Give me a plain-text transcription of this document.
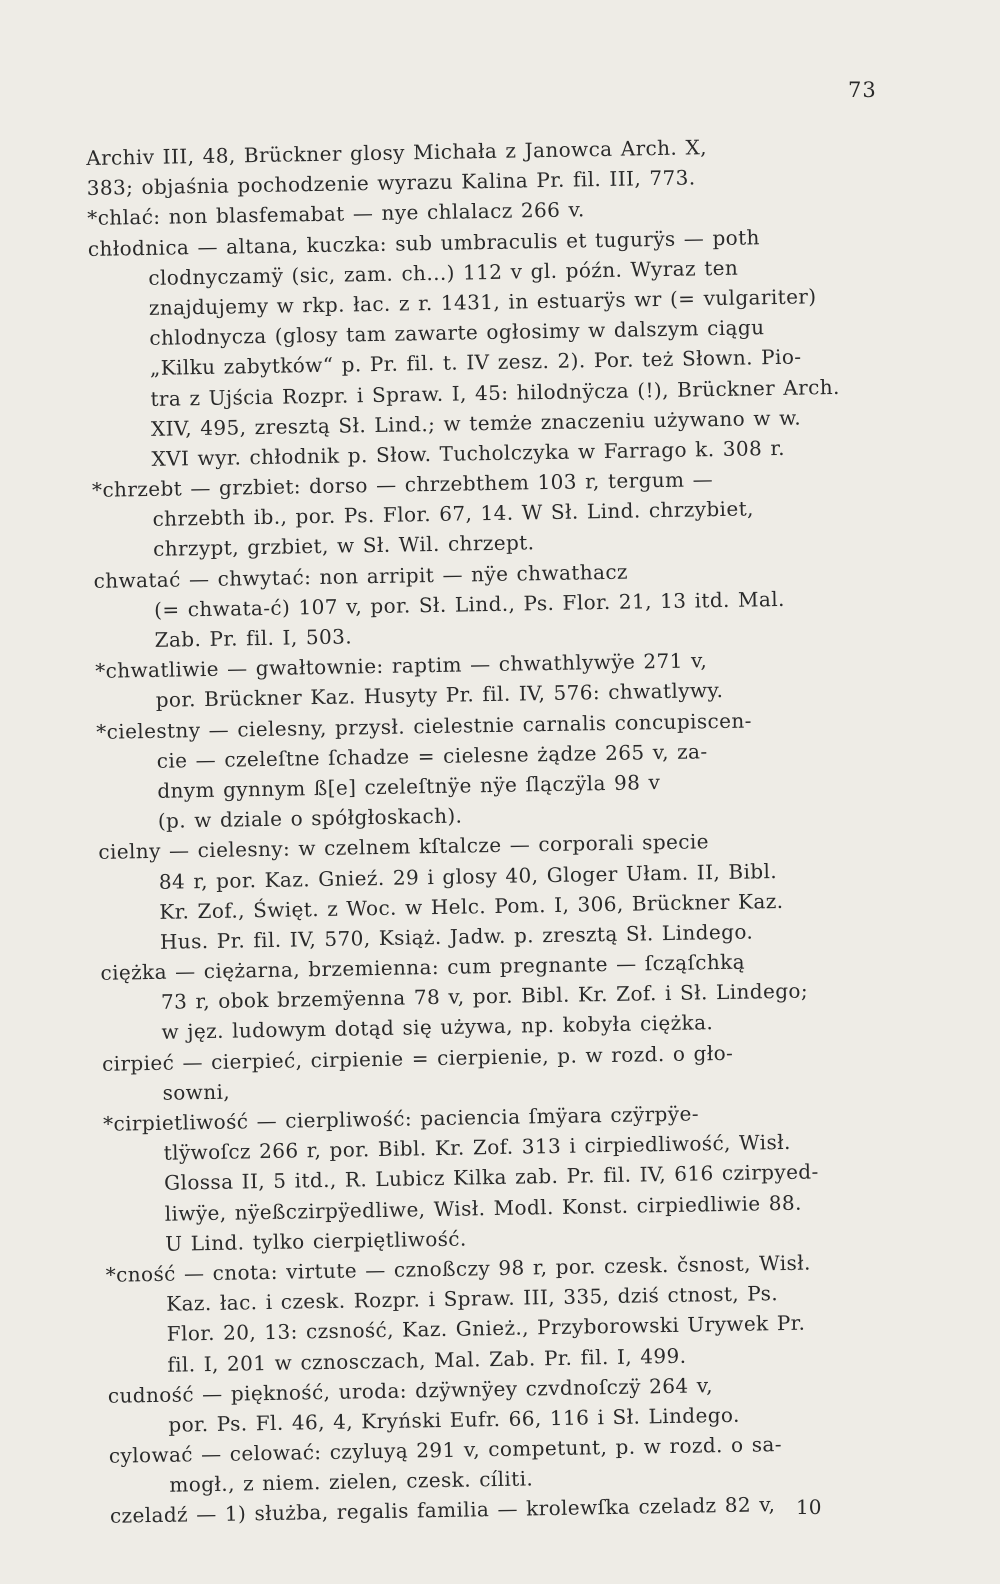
73
Archiv III, 48, Brückner glosy Michała z Janowca Arch. X,
383; objaśnia pochodzenie wyrazu Kalina Pr. fil. III, 773.
*chlać: non blasfemabat — nye chlalacz 266 v.
chłodnica — altana, kuczka: sub umbraculis et tugurÿs — poth
clodnyczamÿ (sic, zam. ch...) 112 v gl. późn. Wyraz ten
znajdujemy w rkp. łac. z r. 1431, in estuarÿs wr (= vulgariter)
chlodnycza (glosy tam zawarte ogłosimy w dalszym ciągu
„Kilku zabytków“ p. Pr. fil. t. IV zesz. 2). Por. też Słown. Pio-
tra z Ujścia Rozpr. i Spraw. I, 45: hilodnÿcza (!), Brückner Arch.
XIV, 495, zresztą Sł. Lind.; w temże znaczeniu używano w w.
XVI wyr. chłodnik p. Słow. Tucholczyka w Farrago k. 308 r.
*chrzebt — grzbiet: dorso — chrzebthem 103 r, tergum —
chrzebth ib., por. Ps. Flor. 67, 14. W Sł. Lind. chrzybiet,
chrzypt, grzbiet, w Sł. Wil. chrzept.
chwatać — chwytać: non arripit — nÿe chwathacz
(= chwata-ć) 107 v, por. Sł. Lind., Ps. Flor. 21, 13 itd. Mal.
Zab. Pr. fil. I, 503.
*chwatliwie — gwałtownie: raptim — chwathlywÿe 271 v,
por. Brückner Kaz. Husyty Pr. fil. IV, 576: chwatlywy.
*cielestny — cielesny, przysł. cielestnie carnalis concupiscen-
cie — czeleſtne ſchadze = cielesne żądze 265 v, za-
dnym gynnym ß[e] czeleſtnÿe nÿe ſlączÿla 98 v
(p. w dziale o spółgłoskach).
cielny — cielesny: w czelnem kſtalcze — corporali specie
84 r, por. Kaz. Gnieź. 29 i glosy 40, Gloger Ułam. II, Bibl.
Kr. Zof., Święt. z Woc. w Helc. Pom. I, 306, Brückner Kaz.
Hus. Pr. fil. IV, 570, Książ. Jadw. p. zresztą Sł. Lindego.
ciężka — ciężarna, brzemienna: cum pregnante — ſcząſchką
73 r, obok brzemÿenna 78 v, por. Bibl. Kr. Zof. i Sł. Lindego;
w jęz. ludowym dotąd się używa, np. kobyła ciężka.
cirpieć — cierpieć, cirpienie = cierpienie, p. w rozd. o gło-
sowni,
*cirpietliwość — cierpliwość: paciencia ſmÿara czÿrpÿe-
tlÿwoſcz 266 r, por. Bibl. Kr. Zof. 313 i cirpiedliwość, Wisł.
Glossa II, 5 itd., R. Lubicz Kilka zab. Pr. fil. IV, 616 czirpyed-
liwÿe, nÿeßczirpÿedliwe, Wisł. Modl. Konst. cirpiedliwie 88.
U Lind. tylko cierpiętliwość.
*cność — cnota: virtute — cznoßczy 98 r, por. czesk. čsnost, Wisł.
Kaz. łac. i czesk. Rozpr. i Spraw. III, 335, dziś ctnost, Ps.
Flor. 20, 13: czsność, Kaz. Gnież., Przyborowski Urywek Pr.
fil. I, 201 w cznosczach, Mal. Zab. Pr. fil. I, 499.
cudność — piękność, uroda: dzÿwnÿey czvdnoſczÿ 264 v,
por. Ps. Fl. 46, 4, Kryński Eufr. 66, 116 i Sł. Lindego.
cylować — celować: czyluyą 291 v, competunt, p. w rozd. o sa-
mogł., z niem. zielen, czesk. cíliti.
czeladź — 1) służba, regalis familia — krolewſka czeladz 82 v,	10
